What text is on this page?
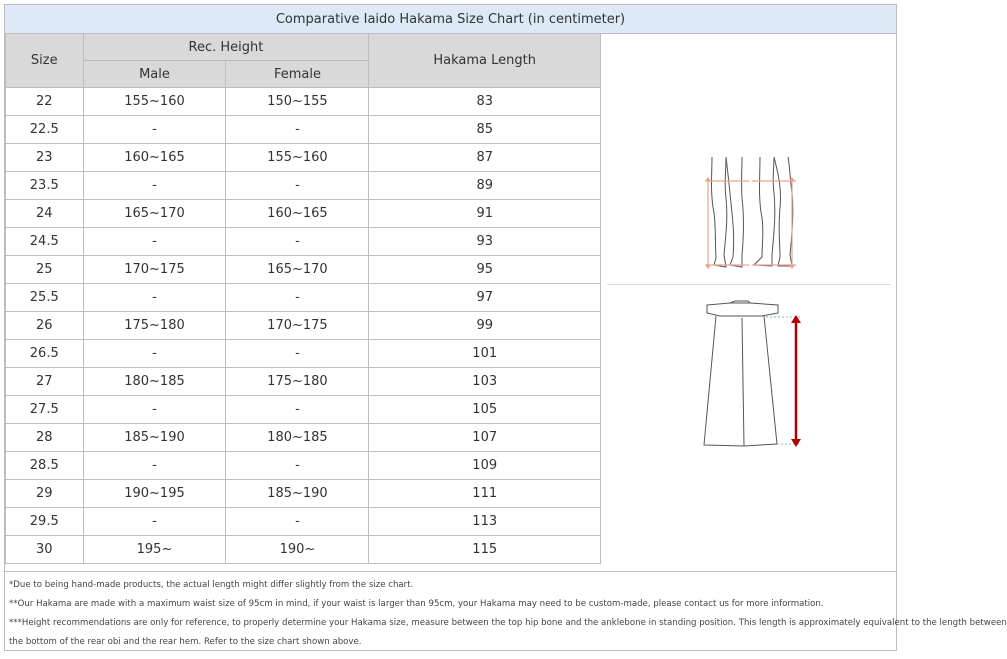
Comparative Iaido Hakama Size Chart (in centimeter)
Size	Rec. Height		Hakama Length
	Male	Female	
22	155~160	150~155	83
22.5	-	-	85
23	160~165	155~160	87
23.5	-	-	89
24	165~170	160~165	91
24.5	-	-	93
25	170~175	165~170	95
25.5	-	-	97
26	175~180	170~175	99
26.5	-	-	101
27	180~185	175~180	103
27.5	-	-	105
28	185~190	180~185	107
28.5	-	-	109
29	190~195	185~190	111
29.5	-	-	113
30	195~	190~	115
*Due to being hand-made products, the actual length might differ slightly from the size chart.
**Our Hakama are made with a maximum waist size of 95cm in mind, if your waist is larger than 95cm, your Hakama may need to be custom-made, please contact us for more information.
***Height recommendations are only for reference, to properly determine your Hakama size, measure between the top hip bone and the anklebone in standing position. This length is approximately equivalent to the length between
the bottom of the rear obi and the rear hem. Refer to the size chart shown above.
